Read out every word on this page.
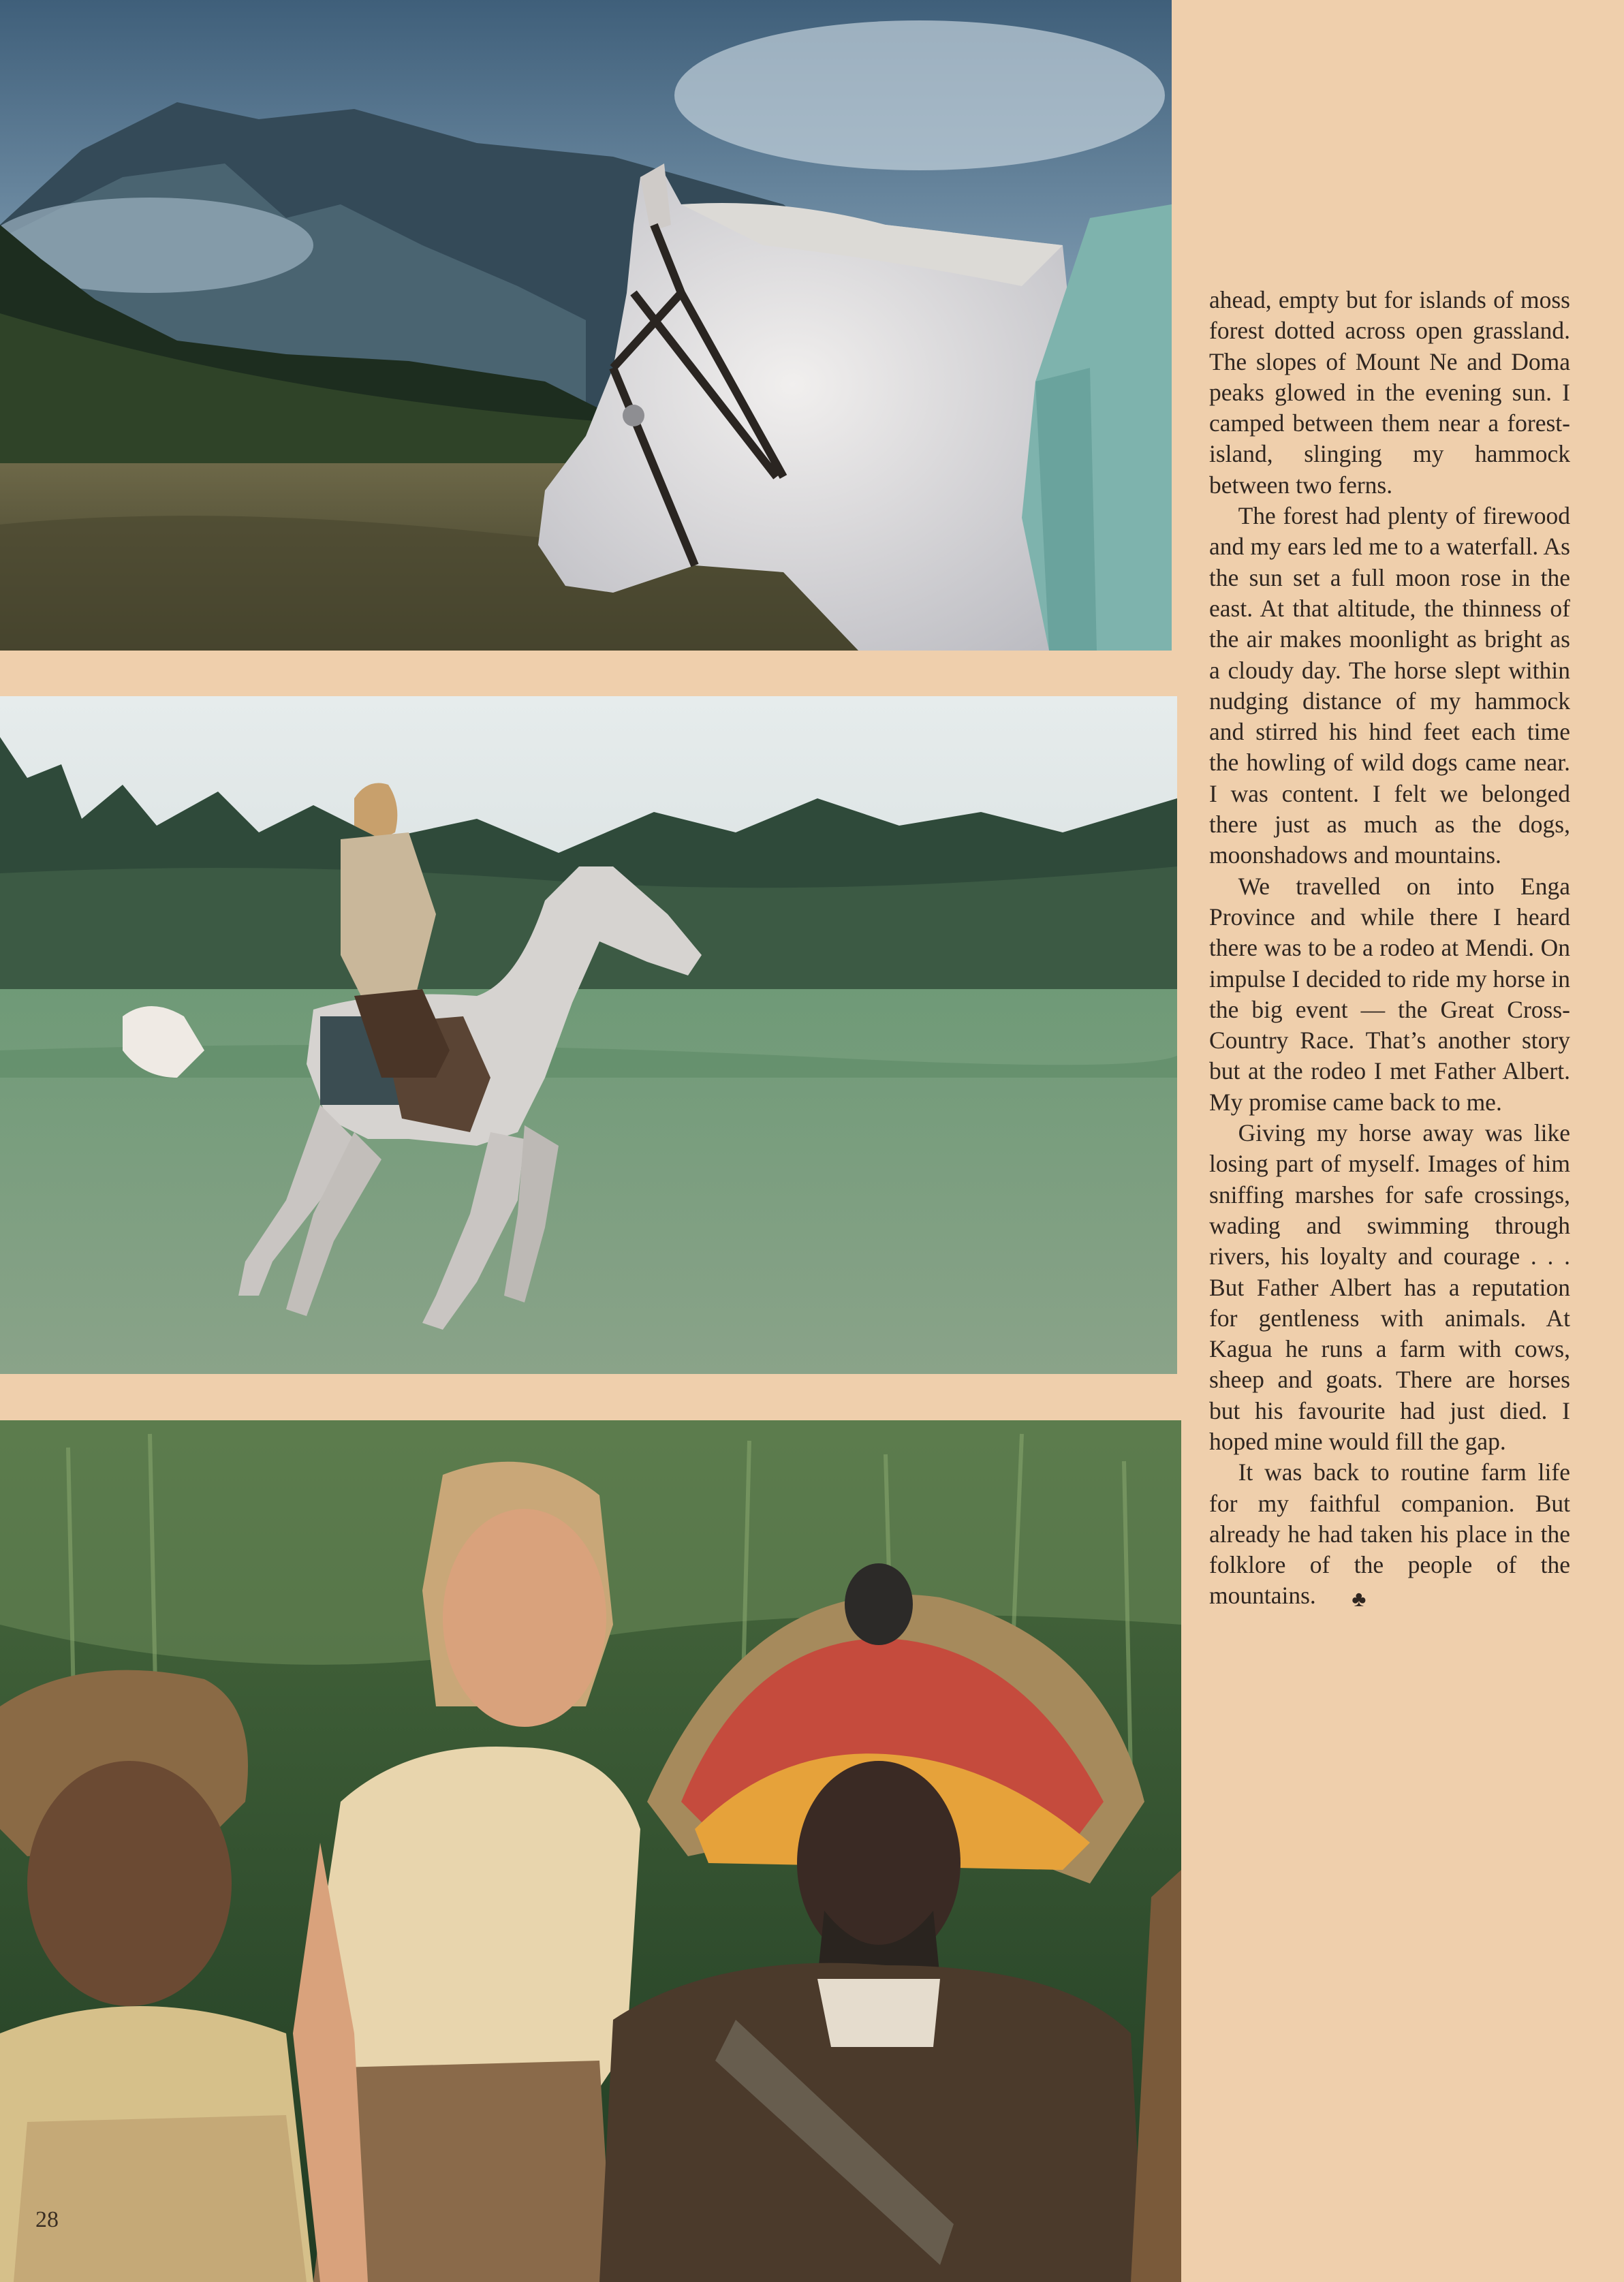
ahead, empty but for islands of moss forest dotted across open grassland. The slopes of Mount Ne and Doma peaks glowed in the evening sun. I camped between them near a forest-island, slinging my hammock between two ferns.

The forest had plenty of firewood and my ears led me to a waterfall. As the sun set a full moon rose in the east. At that altitude, the thinness of the air makes moonlight as bright as a cloudy day. The horse slept within nudging distance of my hammock and stirred his hind feet each time the howling of wild dogs came near. I was content. I felt we belonged there just as much as the dogs, moonshadows and mountains.

We travelled on into Enga Province and while there I heard there was to be a rodeo at Mendi. On impulse I decided to ride my horse in the big event — the Great Cross-Country Race. That’s another story but at the rodeo I met Father Albert. My promise came back to me.

Giving my horse away was like losing part of myself. Images of him sniffing marshes for safe crossings, wading and swimming through rivers, his loyalty and courage . . . But Father Albert has a reputation for gentleness with animals. At Kagua he runs a farm with cows, sheep and goats. There are horses but his favourite had just died. I hoped mine would fill the gap.

It was back to routine farm life for my faithful companion. But already he had taken his place in the folklore of the people of the mountains. ♣

28
